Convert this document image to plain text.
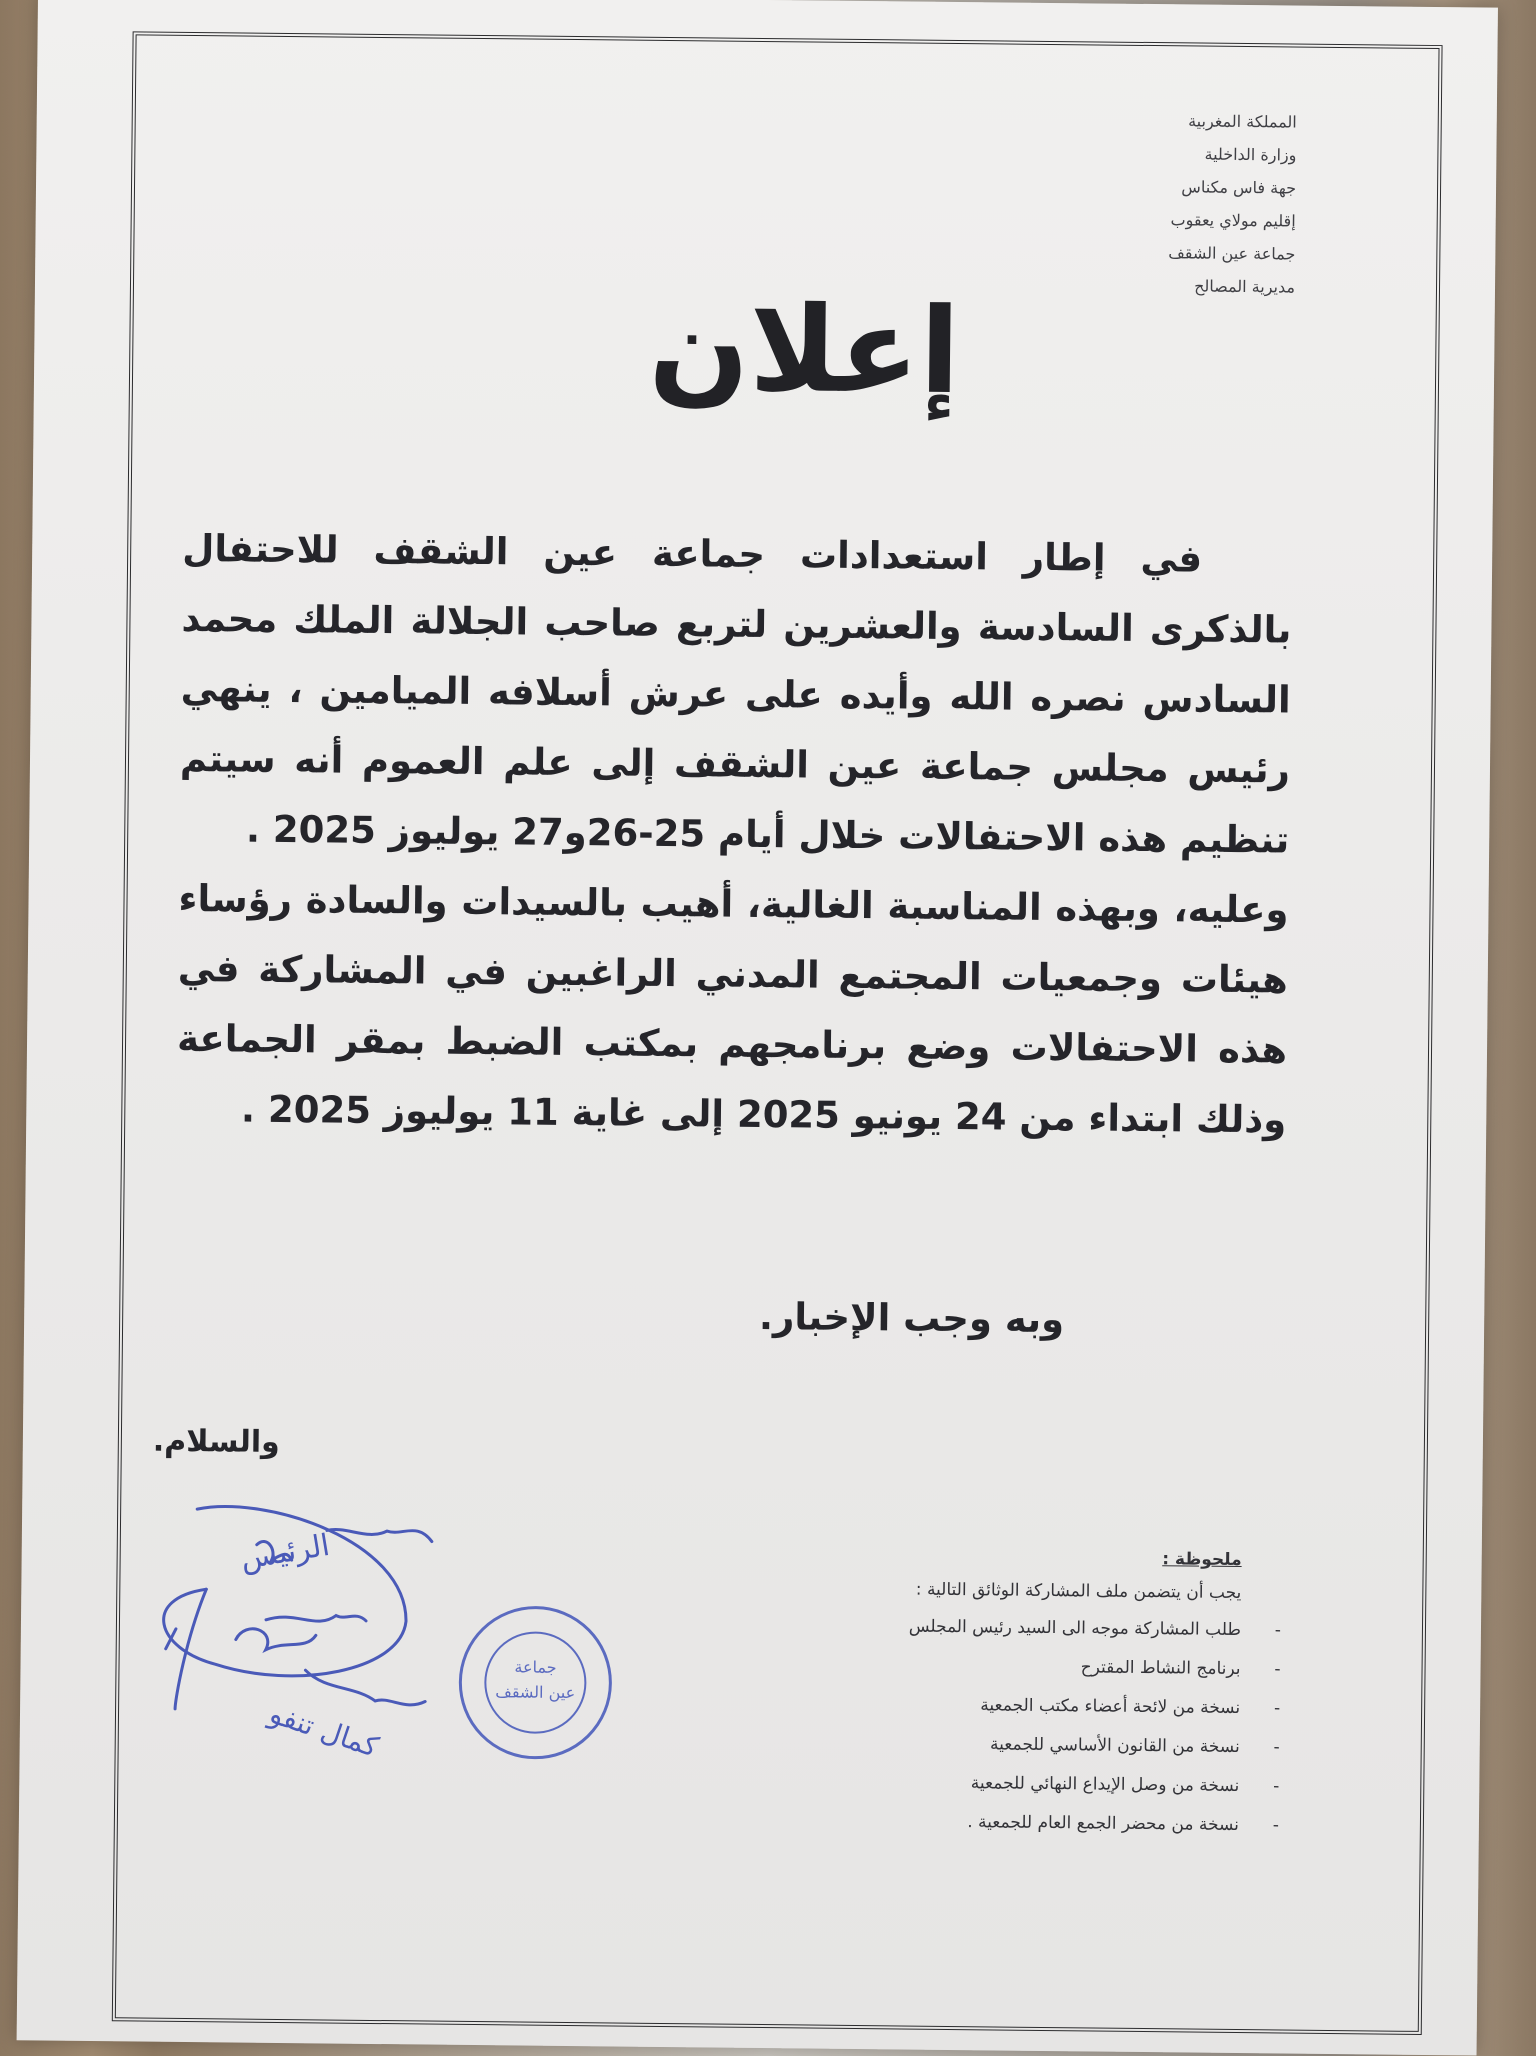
المملكة المغربية
وزارة الداخلية
جهة فاس مكناس
إقليم مولاي يعقوب
جماعة عين الشقف
مديرية المصالح
إعلان

في إطار استعدادات جماعة عين الشقف للاحتفال بالذكرى السادسة والعشرين لتربع صاحب الجلالة الملك محمد السادس نصره الله وأيده على عرش أسلافه الميامين ، ينهي رئيس مجلس جماعة عين الشقف إلى علم العموم أنه سيتم تنظيم هذه الاحتفالات خلال أيام 25-26و27 يوليوز 2025 .

وعليه، وبهذه المناسبة الغالية، أهيب بالسيدات والسادة رؤساء هيئات وجمعيات المجتمع المدني الراغبين في المشاركة في هذه الاحتفالات وضع برنامجهم بمكتب الضبط بمقر الجماعة وذلك ابتداء من 24 يونيو 2025 إلى غاية 11 يوليوز 2025 .

وبه وجب الإخبار.
والسلام.
ملحوظة :
يجب أن يتضمن ملف المشاركة الوثائق التالية :
-
طلب المشاركة موجه الى السيد رئيس المجلس
-
برنامج النشاط المقترح
-
نسخة من لائحة أعضاء مكتب الجمعية
-
نسخة من القانون الأساسي للجمعية
-
نسخة من وصل الإيداع النهائي للجمعية
-
نسخة من محضر الجمع العام للجمعية .
جماعة
عين الشقف
الرئيس
كمال تنفو
